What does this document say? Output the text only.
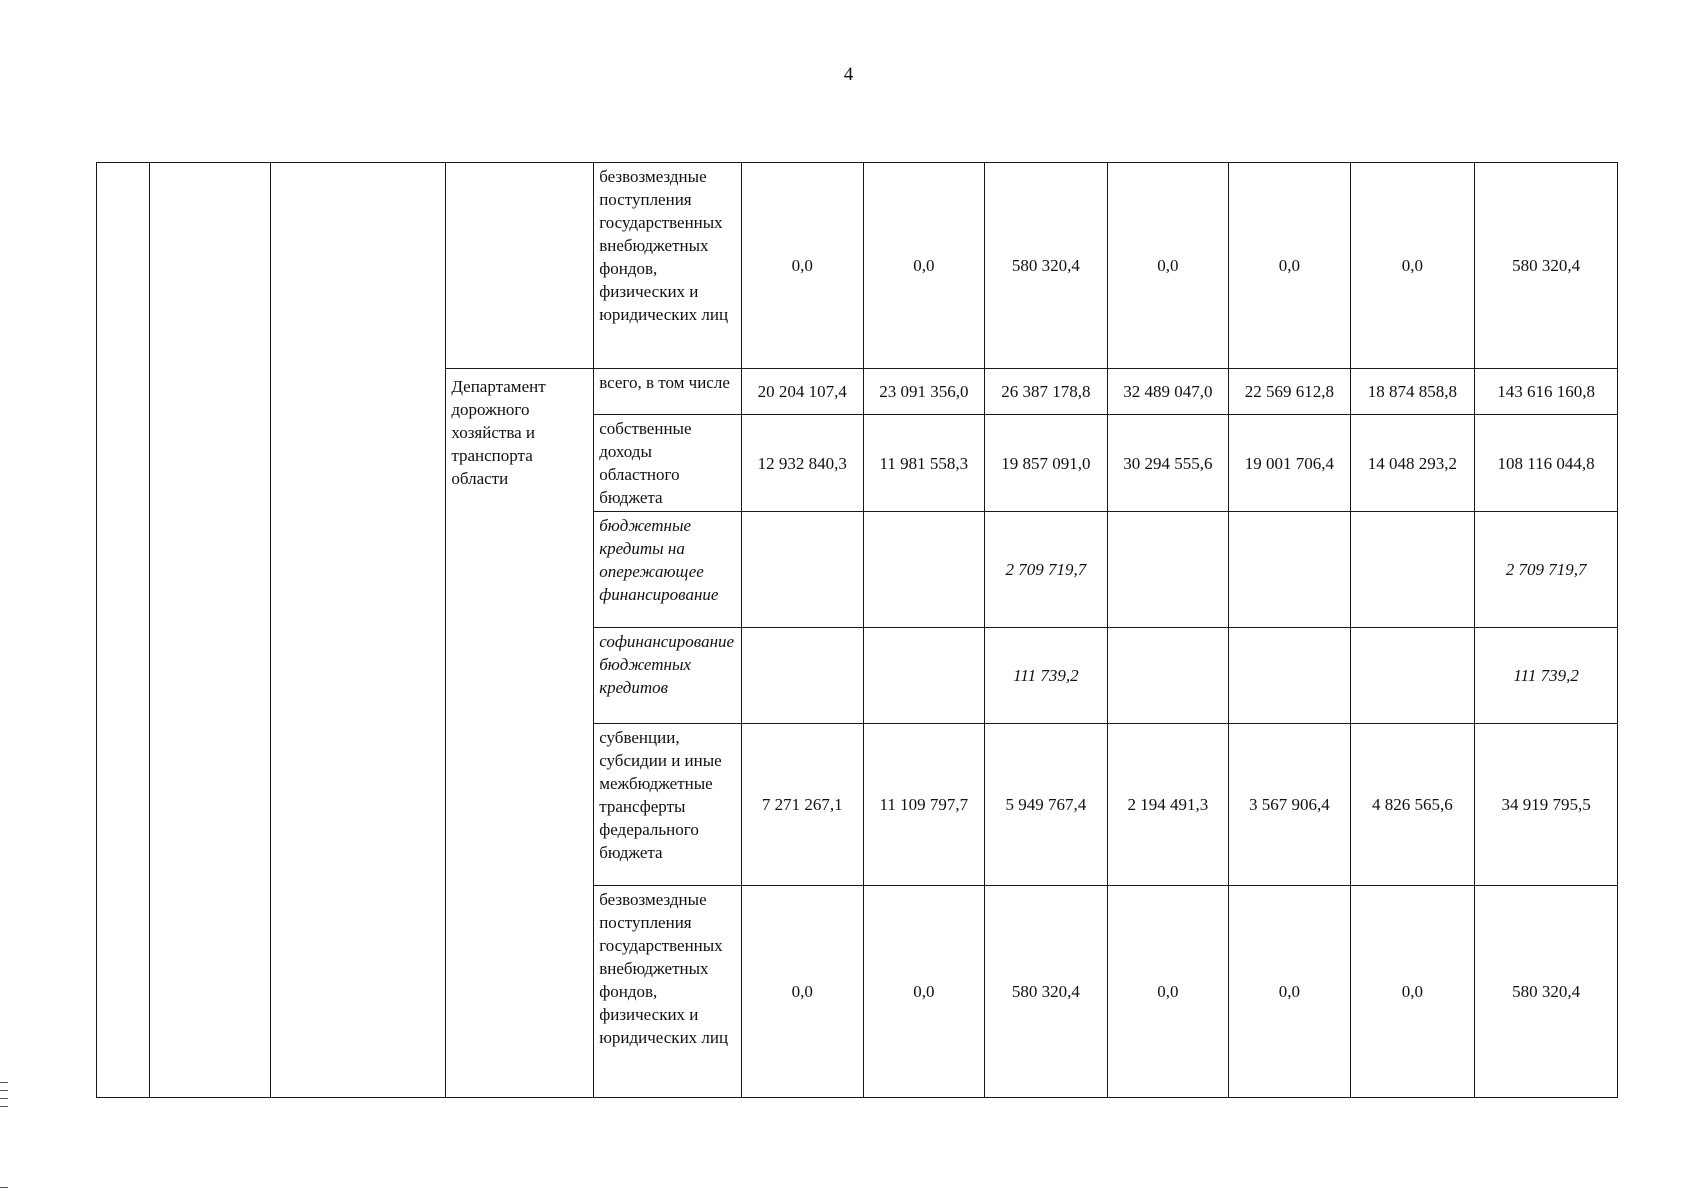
4
				безвозмездные поступления государственных внебюджетных фондов, физических и юридических лиц	0,0	0,0	580 320,4	0,0	0,0	0,0	580 320,4
			Департамент дорожного хозяйства и транспорта области	всего, в том числе	20 204 107,4	23 091 356,0	26 387 178,8	32 489 047,0	22 569 612,8	18 874 858,8	143 616 160,8
				собственные доходы областного бюджета	12 932 840,3	11 981 558,3	19 857 091,0	30 294 555,6	19 001 706,4	14 048 293,2	108 116 044,8
				бюджетные кредиты на опережающее финансирование			2 709 719,7				2 709 719,7
				софинансирование бюджетных кредитов			111 739,2				111 739,2
				субвенции, субсидии и иные межбюджетные трансферты федерального бюджета	7 271 267,1	11 109 797,7	5 949 767,4	2 194 491,3	3 567 906,4	4 826 565,6	34 919 795,5
				безвозмездные поступления государственных внебюджетных фондов, физических и юридических лиц	0,0	0,0	580 320,4	0,0	0,0	0,0	580 320,4
